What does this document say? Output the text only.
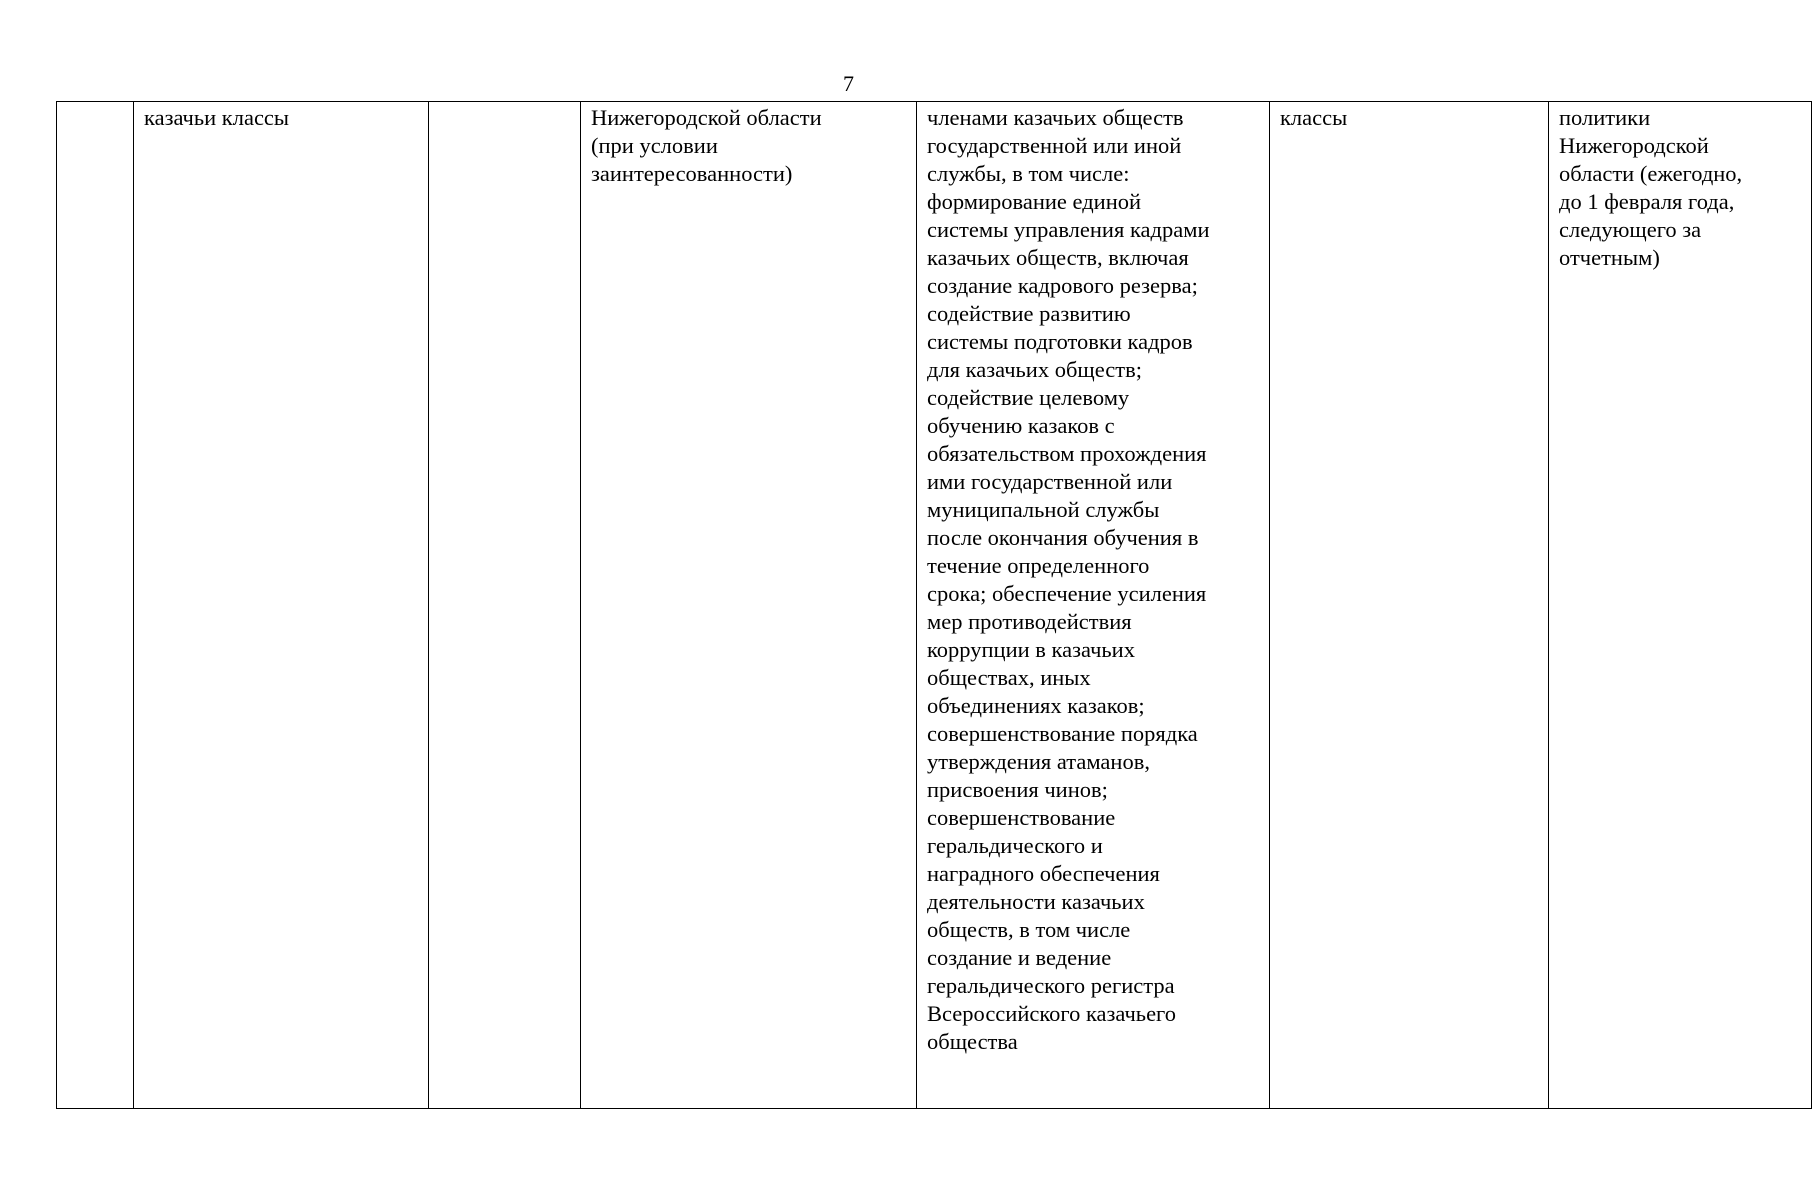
7
	казачьи классы		Нижегородской области
(при условии
заинтересованности)	членами казачьих обществ
государственной или иной
службы, в том числе:
формирование единой
системы управления кадрами
казачьих обществ, включая
создание кадрового резерва;
содействие развитию
системы подготовки кадров
для казачьих обществ;
содействие целевому
обучению казаков с
обязательством прохождения
ими государственной или
муниципальной службы
после окончания обучения в
течение определенного
срока; обеспечение усиления
мер противодействия
коррупции в казачьих
обществах, иных
объединениях казаков;
совершенствование порядка
утверждения атаманов,
присвоения чинов;
совершенствование
геральдического и
наградного обеспечения
деятельности казачьих
обществ, в том числе
создание и ведение
геральдического регистра
Всероссийского казачьего
общества	классы	политики
Нижегородской
области (ежегодно,
до 1 февраля года,
следующего за
отчетным)
